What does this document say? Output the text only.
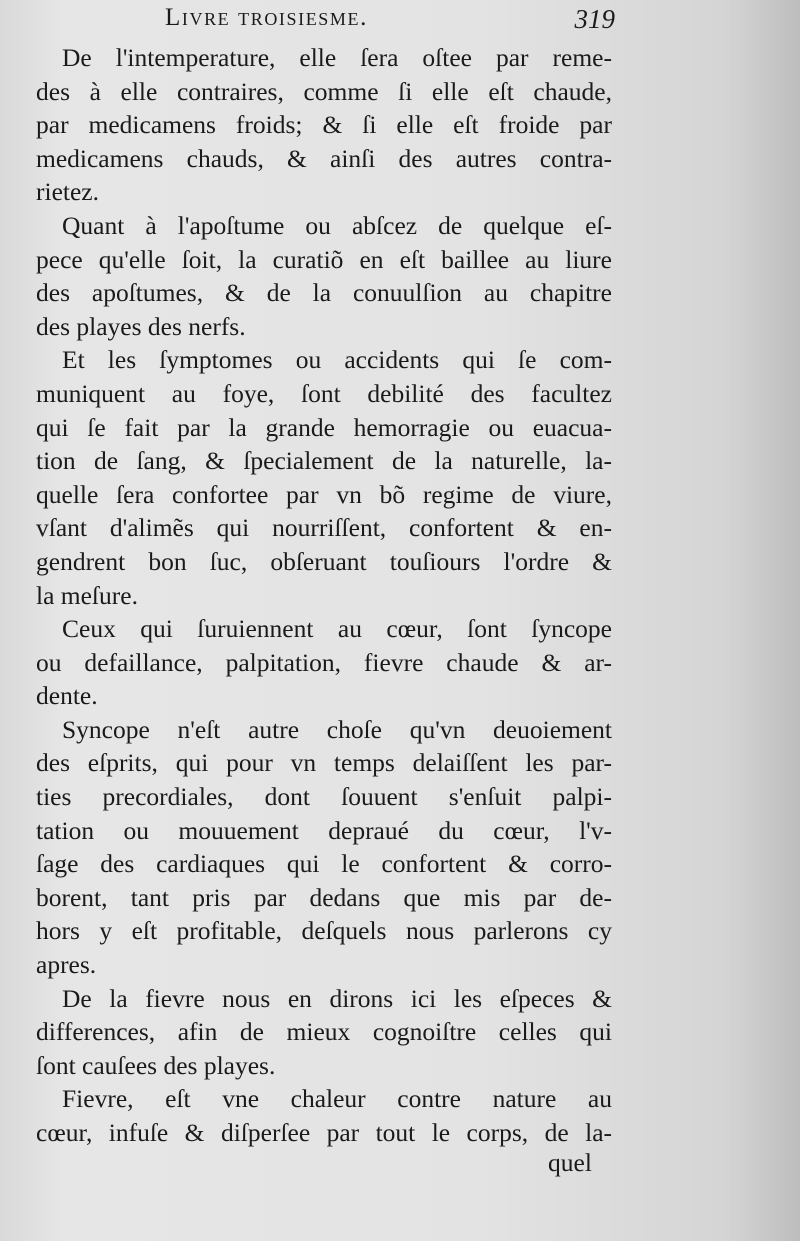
Livre troisiesme.	319
De l'intemperature, elle ſera oſtee par reme-
des à elle contraires, comme ſi elle eſt chaude,
par medicamens froids; & ſi elle eſt froide par
medicamens chauds, & ainſi des autres contra-
rietez.
Quant à l'apoſtume ou abſcez de quelque eſ-
pece qu'elle ſoit, la curatiõ en eſt baillee au liure
des apoſtumes, & de la conuulſion au chapitre
des playes des nerfs.
Et les ſymptomes ou accidents qui ſe com-
muniquent au foye, ſont debilité des facultez
qui ſe fait par la grande hemorragie ou euacua-
tion de ſang, & ſpecialement de la naturelle, la-
quelle ſera confortee par vn bõ regime de viure,
vſant d'alimẽs qui nourriſſent, confortent & en-
gendrent bon ſuc, obſeruant touſiours l'ordre &
la meſure.
Ceux qui ſuruiennent au cœur, ſont ſyncope
ou defaillance, palpitation, fievre chaude & ar-
dente.
Syncope n'eſt autre choſe qu'vn deuoiement
des eſprits, qui pour vn temps delaiſſent les par-
ties precordiales, dont ſouuent s'enſuit palpi-
tation ou mouuement depraué du cœur, l'v-
ſage des cardiaques qui le confortent & corro-
borent, tant pris par dedans que mis par de-
hors y eſt profitable, deſquels nous parlerons cy
apres.
De la fievre nous en dirons ici les eſpeces &
differences, afin de mieux cognoiſtre celles qui
ſont cauſees des playes.
Fievre, eſt vne chaleur contre nature au
cœur, infuſe & diſperſee par tout le corps, de la-
quel
